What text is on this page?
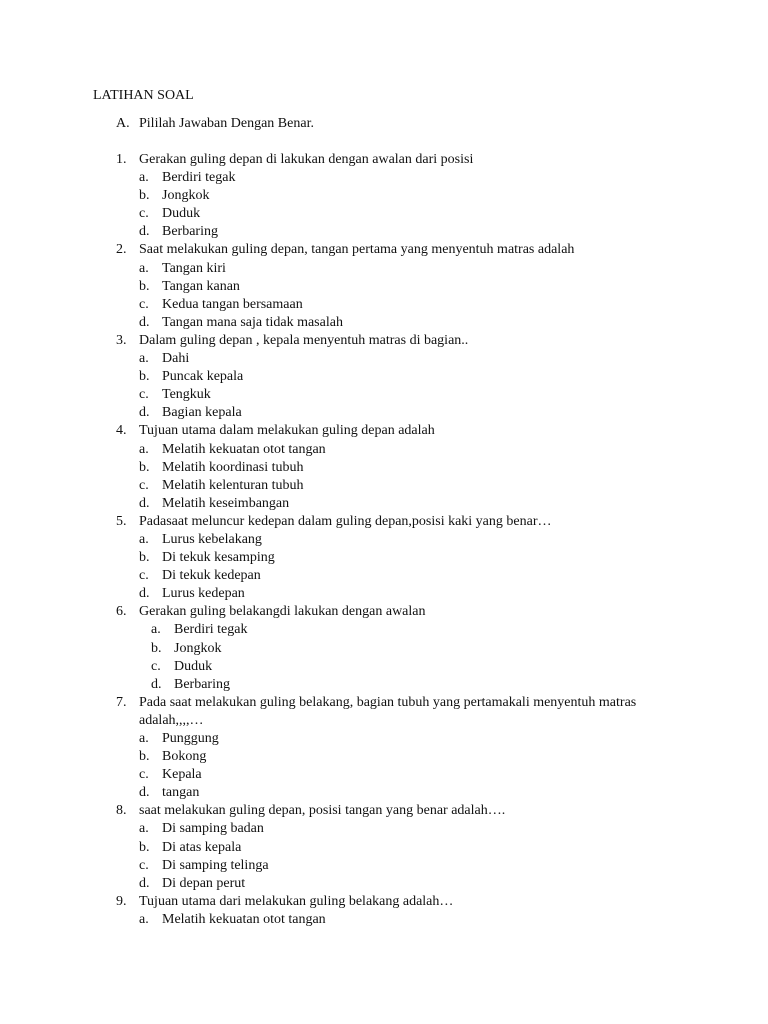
LATIHAN SOAL
A. Pililah Jawaban Dengan Benar.
1. Gerakan guling depan di lakukan dengan awalan dari posisi
a. Berdiri tegak
b. Jongkok
c. Duduk
d. Berbaring
2. Saat melakukan guling depan, tangan pertama yang menyentuh matras adalah
a. Tangan kiri
b. Tangan kanan
c. Kedua tangan bersamaan
d. Tangan mana saja tidak masalah
3. Dalam guling depan , kepala menyentuh matras di bagian..
a. Dahi
b. Puncak kepala
c. Tengkuk
d. Bagian kepala
4. Tujuan utama dalam melakukan guling depan adalah
a. Melatih kekuatan otot tangan
b. Melatih koordinasi tubuh
c. Melatih kelenturan tubuh
d. Melatih keseimbangan
5. Padasaat meluncur kedepan dalam guling depan,posisi kaki yang benar…
a. Lurus kebelakang
b. Di tekuk kesamping
c. Di tekuk kedepan
d. Lurus kedepan
6. Gerakan guling belakangdi lakukan dengan awalan
a. Berdiri tegak
b. Jongkok
c. Duduk
d. Berbaring
7. Pada saat melakukan guling belakang, bagian tubuh yang pertamakali menyentuh matras adalah,,,,…
a. Punggung
b. Bokong
c. Kepala
d. tangan
8. saat melakukan guling depan, posisi tangan yang benar adalah….
a. Di samping badan
b. Di atas kepala
c. Di samping telinga
d. Di depan perut
9. Tujuan utama dari melakukan guling belakang adalah…
a. Melatih kekuatan otot tangan
